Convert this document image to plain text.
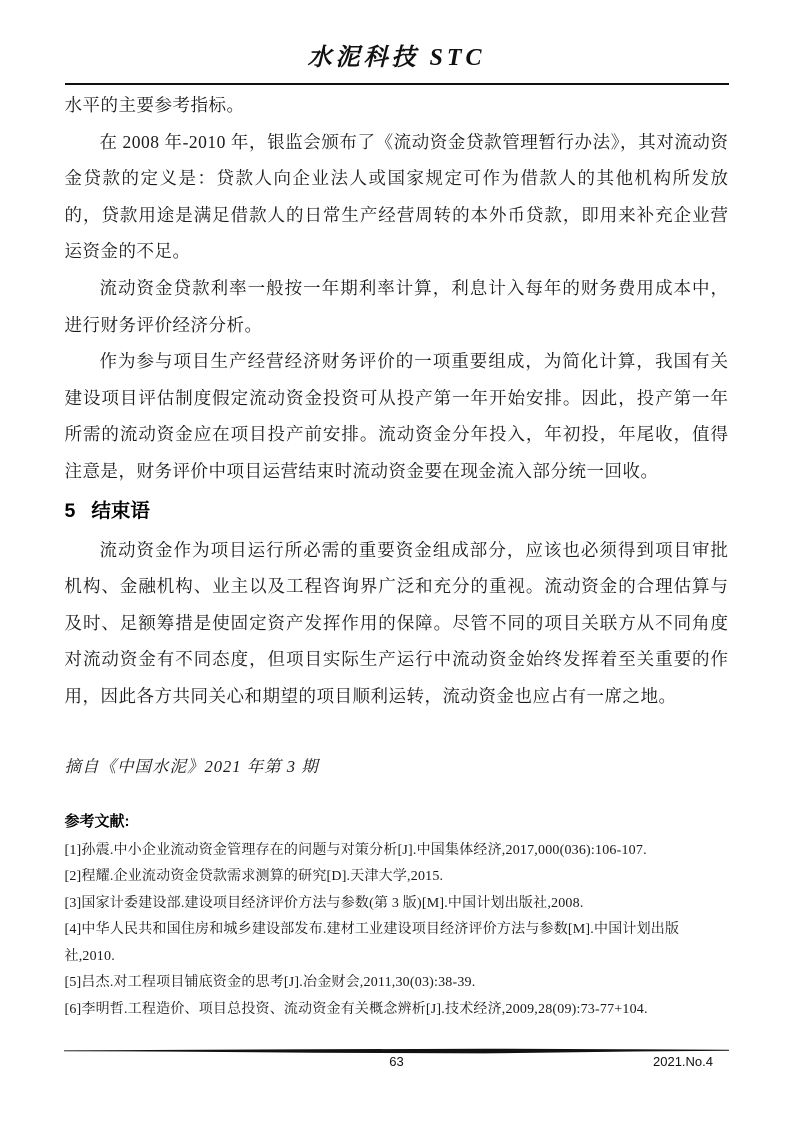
水泥科技 STC

水平的主要参考指标。

在 2008 年-2010 年，银监会颁布了《流动资金贷款管理暂行办法》，其对流动资金贷款的定义是：贷款人向企业法人或国家规定可作为借款人的其他机构所发放的，贷款用途是满足借款人的日常生产经营周转的本外币贷款，即用来补充企业营运资金的不足。

流动资金贷款利率一般按一年期利率计算，利息计入每年的财务费用成本中，进行财务评价经济分析。

作为参与项目生产经营经济财务评价的一项重要组成，为简化计算，我国有关建设项目评估制度假定流动资金投资可从投产第一年开始安排。因此，投产第一年所需的流动资金应在项目投产前安排。流动资金分年投入，年初投，年尾收，值得注意是，财务评价中项目运营结束时流动资金要在现金流入部分统一回收。

5 结束语

流动资金作为项目运行所必需的重要资金组成部分，应该也必须得到项目审批机构、金融机构、业主以及工程咨询界广泛和充分的重视。流动资金的合理估算与及时、足额筹措是使固定资产发挥作用的保障。尽管不同的项目关联方从不同角度对流动资金有不同态度，但项目实际生产运行中流动资金始终发挥着至关重要的作用，因此各方共同关心和期望的项目顺利运转，流动资金也应占有一席之地。

摘自《中国水泥》2021 年第 3 期

参考文献:

[1]孙震.中小企业流动资金管理存在的问题与对策分析[J].中国集体经济,2017,000(036):106-107.

[2]程耀.企业流动资金贷款需求测算的研究[D].天津大学,2015.

[3]国家计委建设部.建设项目经济评价方法与参数(第 3 版)[M].中国计划出版社,2008.

[4]中华人民共和国住房和城乡建设部发布.建材工业建设项目经济评价方法与参数[M].中国计划出版社,2010.

[5]吕杰.对工程项目铺底资金的思考[J].冶金财会,2011,30(03):38-39.

[6]李明哲.工程造价、项目总投资、流动资金有关概念辨析[J].技术经济,2009,28(09):73-77+104.

63	2021.No.4
